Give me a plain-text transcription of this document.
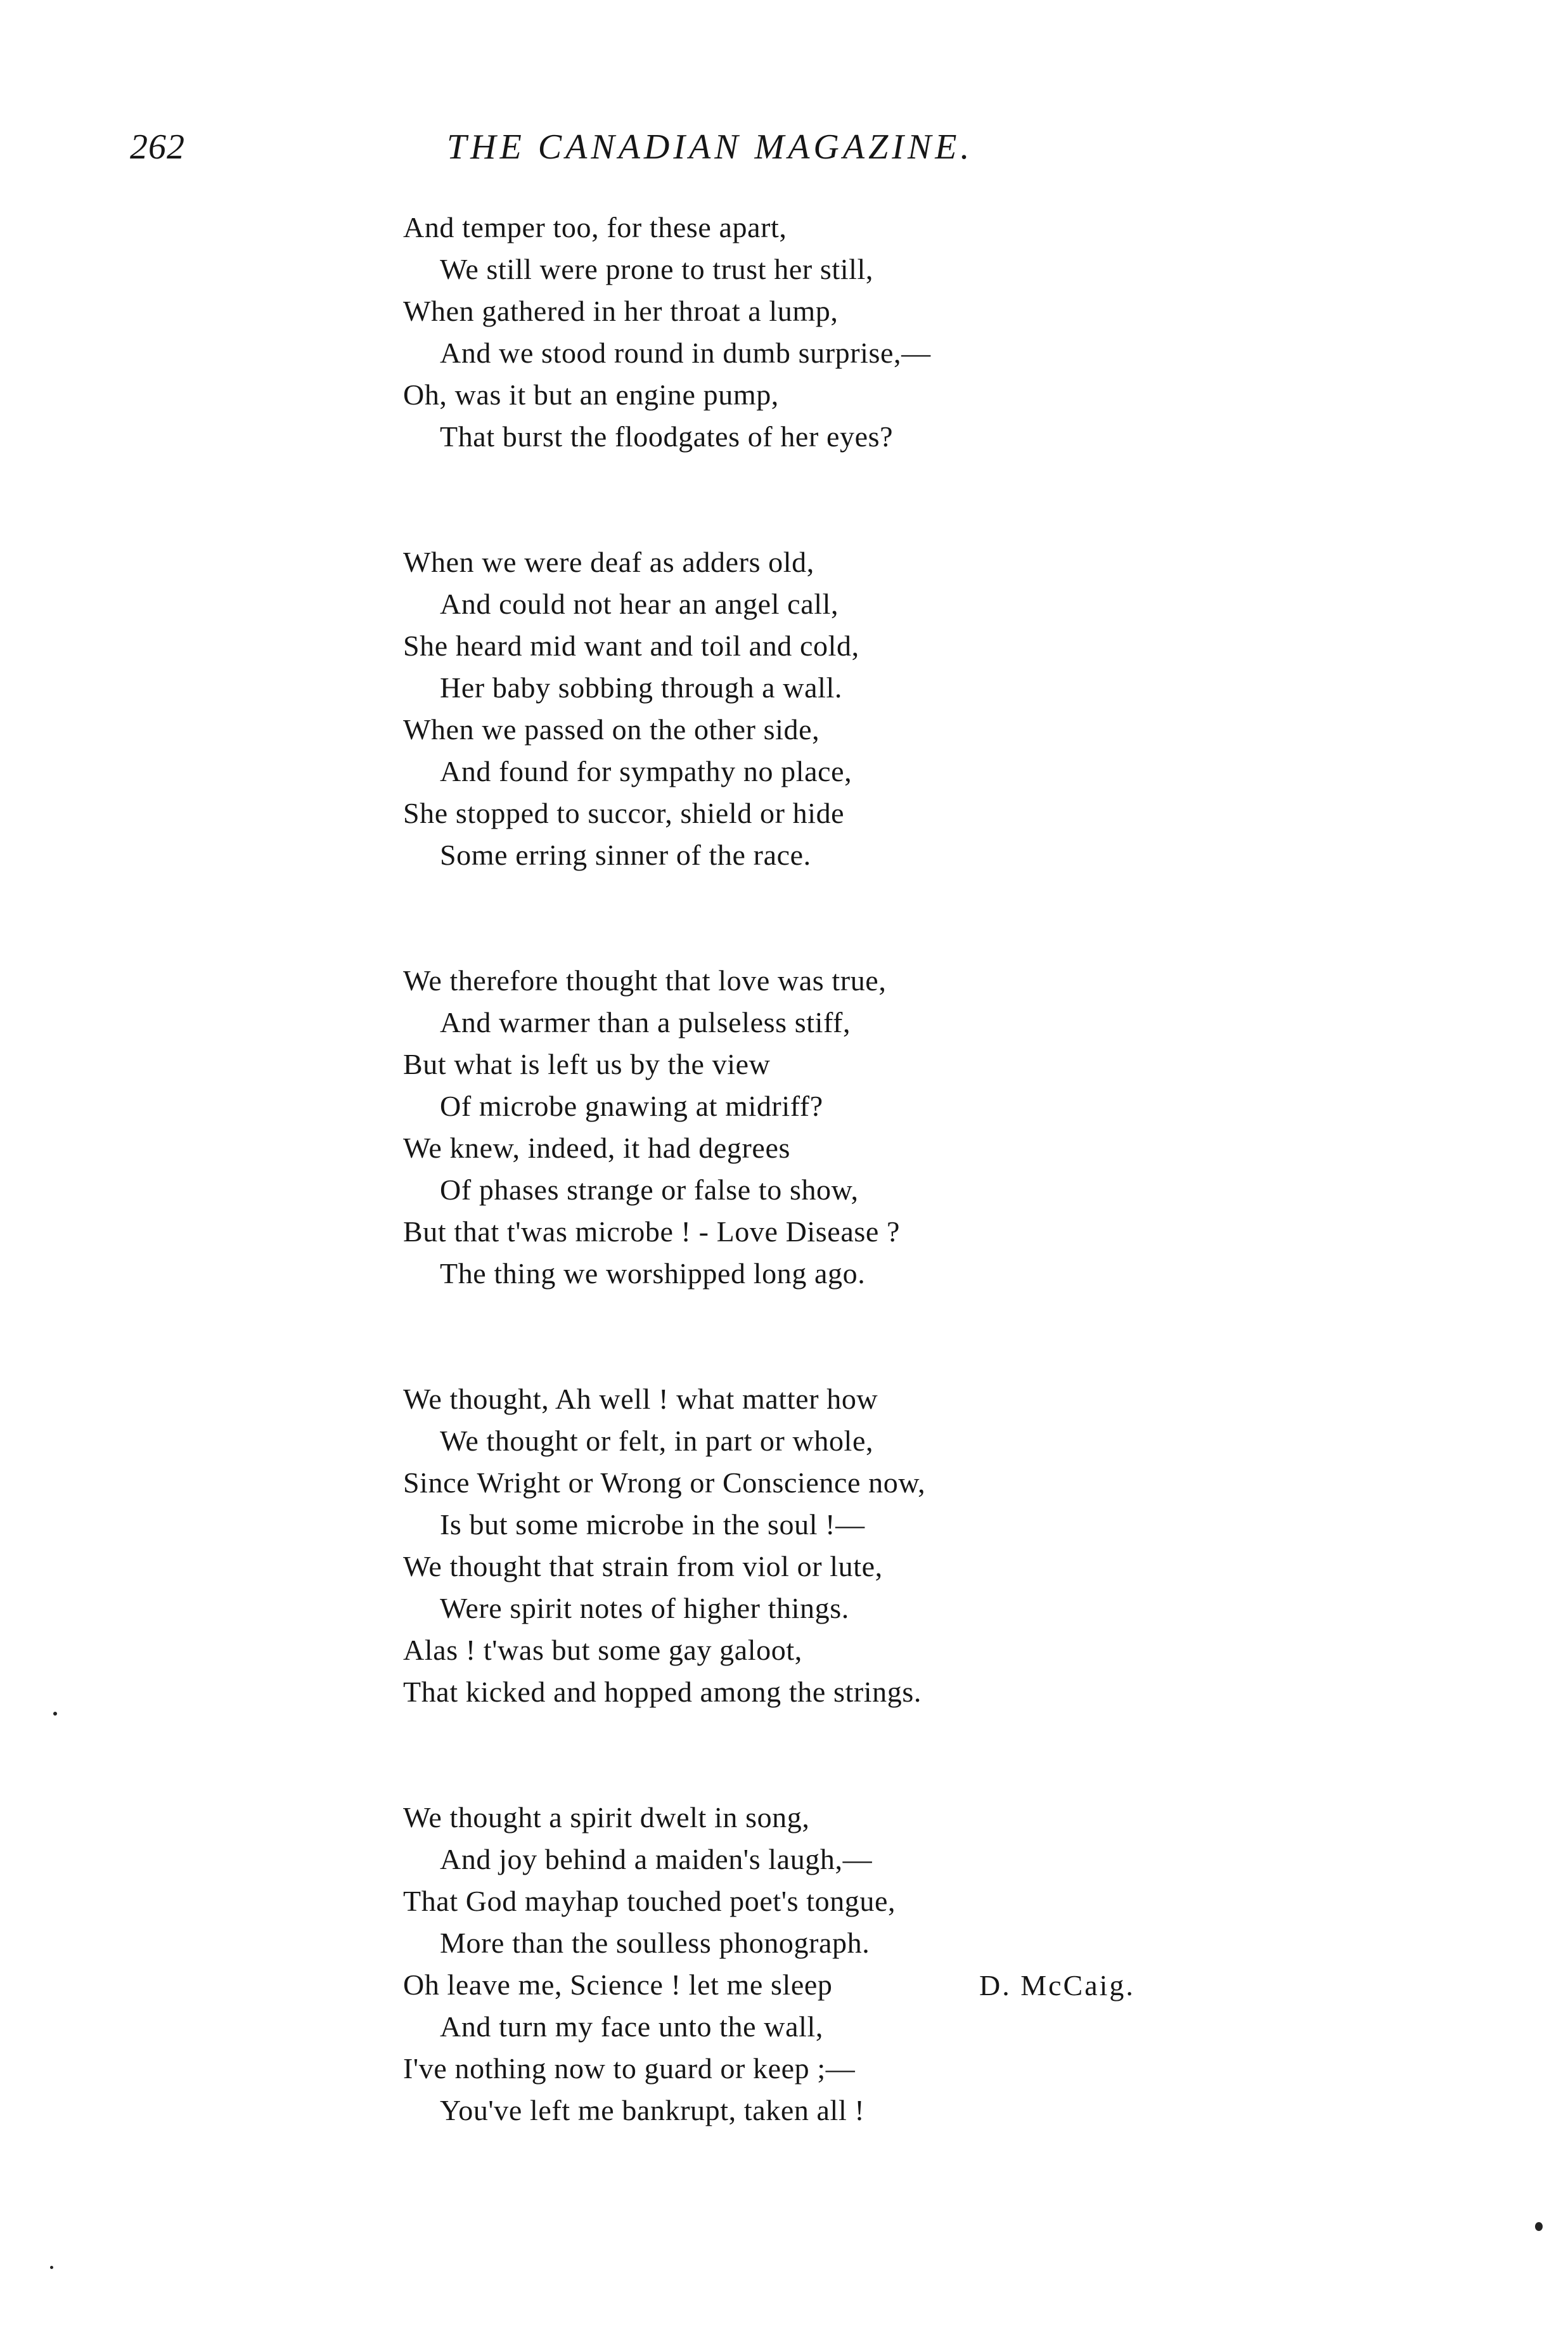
262	THE CANADIAN MAGAZINE.
And temper too, for these apart,
We still were prone to trust her still,
When gathered in her throat a lump,
And we stood round in dumb surprise,—
Oh, was it but an engine pump,
That burst the floodgates of her eyes?
When we were deaf as adders old,
And could not hear an angel call,
She heard mid want and toil and cold,
Her baby sobbing through a wall.
When we passed on the other side,
And found for sympathy no place,
She stopped to succor, shield or hide
Some erring sinner of the race.
We therefore thought that love was true,
And warmer than a pulseless stiff,
But what is left us by the view
Of microbe gnawing at midriff?
We knew, indeed, it had degrees
Of phases strange or false to show,
But that t'was microbe ! - Love Disease ?
The thing we worshipped long ago.
We thought, Ah well ! what matter how
We thought or felt, in part or whole,
Since Wright or Wrong or Conscience now,
Is but some microbe in the soul !—
We thought that strain from viol or lute,
Were spirit notes of higher things.
Alas ! t'was but some gay galoot,
That kicked and hopped among the strings.
We thought a spirit dwelt in song,
And joy behind a maiden's laugh,—
That God mayhap touched poet's tongue,
More than the soulless phonograph.
Oh leave me, Science ! let me sleep
And turn my face unto the wall,
I've nothing now to guard or keep ;—
You've left me bankrupt, taken all !
D. McCaig.
